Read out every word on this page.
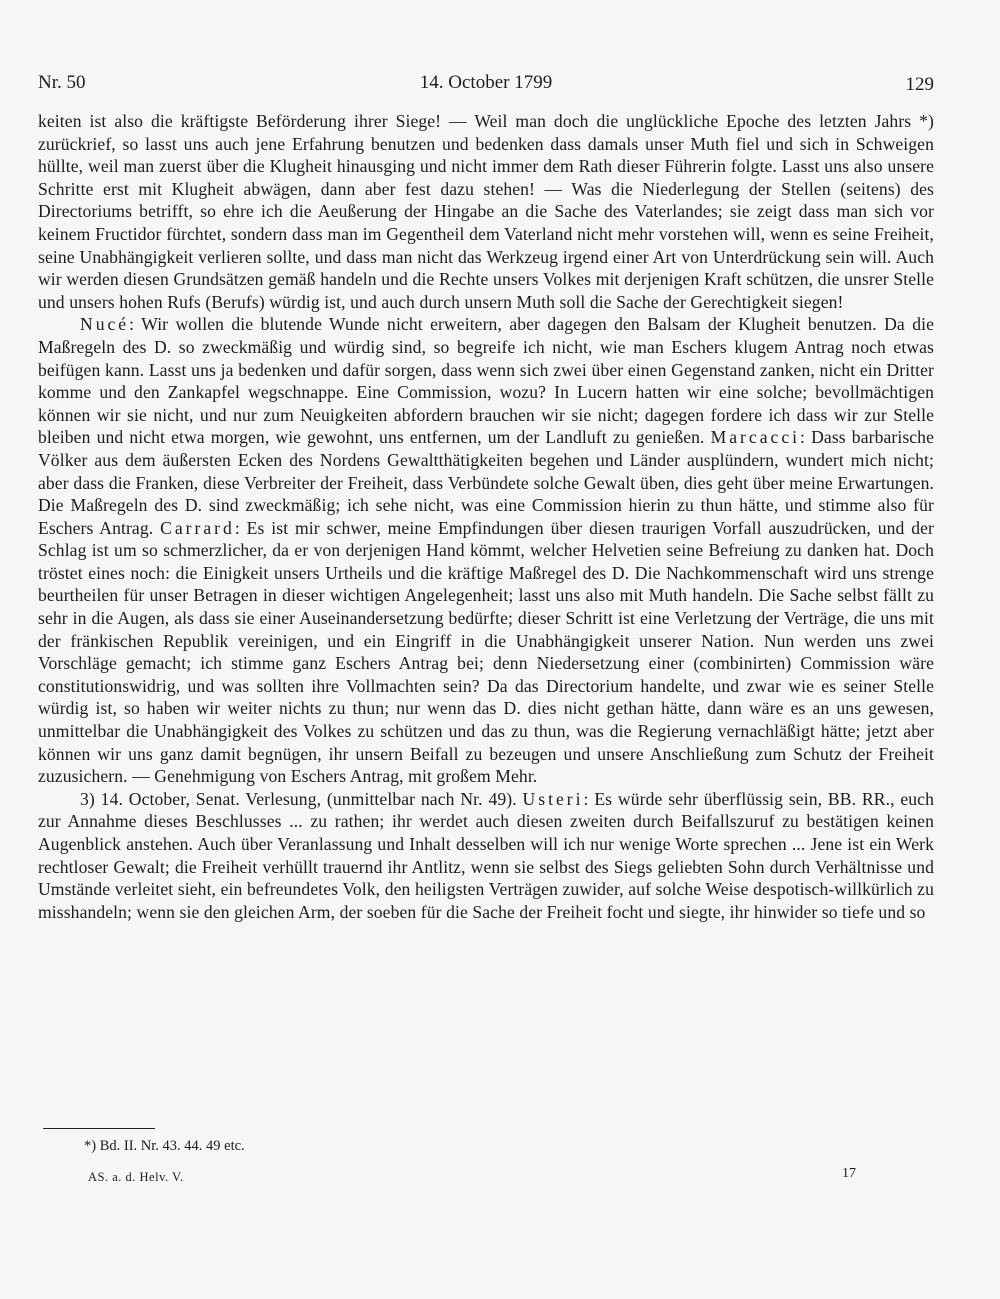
Nr. 50	14. October 1799	129

keiten ist also die kräftigste Beförderung ihrer Siege! — Weil man doch die unglückliche Epoche des letzten Jahrs *) zurückrief, so lasst uns auch jene Erfahrung benutzen und bedenken dass damals unser Muth fiel und sich in Schweigen hüllte, weil man zuerst über die Klugheit hinausging und nicht immer dem Rath dieser Führerin folgte. Lasst uns also unsere Schritte erst mit Klugheit abwägen, dann aber fest dazu stehen! — Was die Niederlegung der Stellen (seitens) des Directoriums betrifft, so ehre ich die Aeußerung der Hingabe an die Sache des Vaterlandes; sie zeigt dass man sich vor keinem Fructidor fürchtet, sondern dass man im Gegentheil dem Vaterland nicht mehr vorstehen will, wenn es seine Freiheit, seine Unabhängigkeit verlieren sollte, und dass man nicht das Werkzeug irgend einer Art von Unterdrückung sein will. Auch wir werden diesen Grundsätzen gemäß handeln und die Rechte unsers Volkes mit derjenigen Kraft schützen, die unsrer Stelle und unsers hohen Rufs (Berufs) würdig ist, und auch durch unsern Muth soll die Sache der Gerechtigkeit siegen!

Nucé: Wir wollen die blutende Wunde nicht erweitern, aber dagegen den Balsam der Klugheit benutzen. Da die Maßregeln des D. so zweckmäßig und würdig sind, so begreife ich nicht, wie man Eschers klugem Antrag noch etwas beifügen kann. Lasst uns ja bedenken und dafür sorgen, dass wenn sich zwei über einen Gegenstand zanken, nicht ein Dritter komme und den Zankapfel wegschnappe. Eine Commission, wozu? In Lucern hatten wir eine solche; bevollmächtigen können wir sie nicht, und nur zum Neuigkeiten abfordern brauchen wir sie nicht; dagegen fordere ich dass wir zur Stelle bleiben und nicht etwa morgen, wie gewohnt, uns entfernen, um der Landluft zu genießen. Marcacci: Dass barbarische Völker aus dem äußersten Ecken des Nordens Gewaltthätigkeiten begehen und Länder ausplündern, wundert mich nicht; aber dass die Franken, diese Verbreiter der Freiheit, dass Verbündete solche Gewalt üben, dies geht über meine Erwartungen. Die Maßregeln des D. sind zweckmäßig; ich sehe nicht, was eine Commission hierin zu thun hätte, und stimme also für Eschers Antrag. Carrard: Es ist mir schwer, meine Empfindungen über diesen traurigen Vorfall auszudrücken, und der Schlag ist um so schmerzlicher, da er von derjenigen Hand kömmt, welcher Helvetien seine Befreiung zu danken hat. Doch tröstet eines noch: die Einigkeit unsers Urtheils und die kräftige Maßregel des D. Die Nachkommenschaft wird uns strenge beurtheilen für unser Betragen in dieser wichtigen Angelegenheit; lasst uns also mit Muth handeln. Die Sache selbst fällt zu sehr in die Augen, als dass sie einer Auseinandersetzung bedürfte; dieser Schritt ist eine Verletzung der Verträge, die uns mit der fränkischen Republik vereinigen, und ein Eingriff in die Unabhängigkeit unserer Nation. Nun werden uns zwei Vorschläge gemacht; ich stimme ganz Eschers Antrag bei; denn Niedersetzung einer (combinirten) Commission wäre constitutionswidrig, und was sollten ihre Vollmachten sein? Da das Directorium handelte, und zwar wie es seiner Stelle würdig ist, so haben wir weiter nichts zu thun; nur wenn das D. dies nicht gethan hätte, dann wäre es an uns gewesen, unmittelbar die Unabhängigkeit des Volkes zu schützen und das zu thun, was die Regierung vernachläßigt hätte; jetzt aber können wir uns ganz damit begnügen, ihr unsern Beifall zu bezeugen und unsere Anschließung zum Schutz der Freiheit zuzusichern. — Genehmigung von Eschers Antrag, mit großem Mehr.

3) 14. October, Senat. Verlesung, (unmittelbar nach Nr. 49). Usteri: Es würde sehr überflüssig sein, BB. RR., euch zur Annahme dieses Beschlusses ... zu rathen; ihr werdet auch diesen zweiten durch Beifallszuruf zu bestätigen keinen Augenblick anstehen. Auch über Veranlassung und Inhalt desselben will ich nur wenige Worte sprechen ... Jene ist ein Werk rechtloser Gewalt; die Freiheit verhüllt trauernd ihr Antlitz, wenn sie selbst des Siegs geliebten Sohn durch Verhältnisse und Umstände verleitet sieht, ein befreundetes Volk, den heiligsten Verträgen zuwider, auf solche Weise despotisch-willkürlich zu misshandeln; wenn sie den gleichen Arm, der soeben für die Sache der Freiheit focht und siegte, ihr hinwider so tiefe und so

*) Bd. II. Nr. 43. 44. 49 etc.
AS. a. d. Helv. V.	17
